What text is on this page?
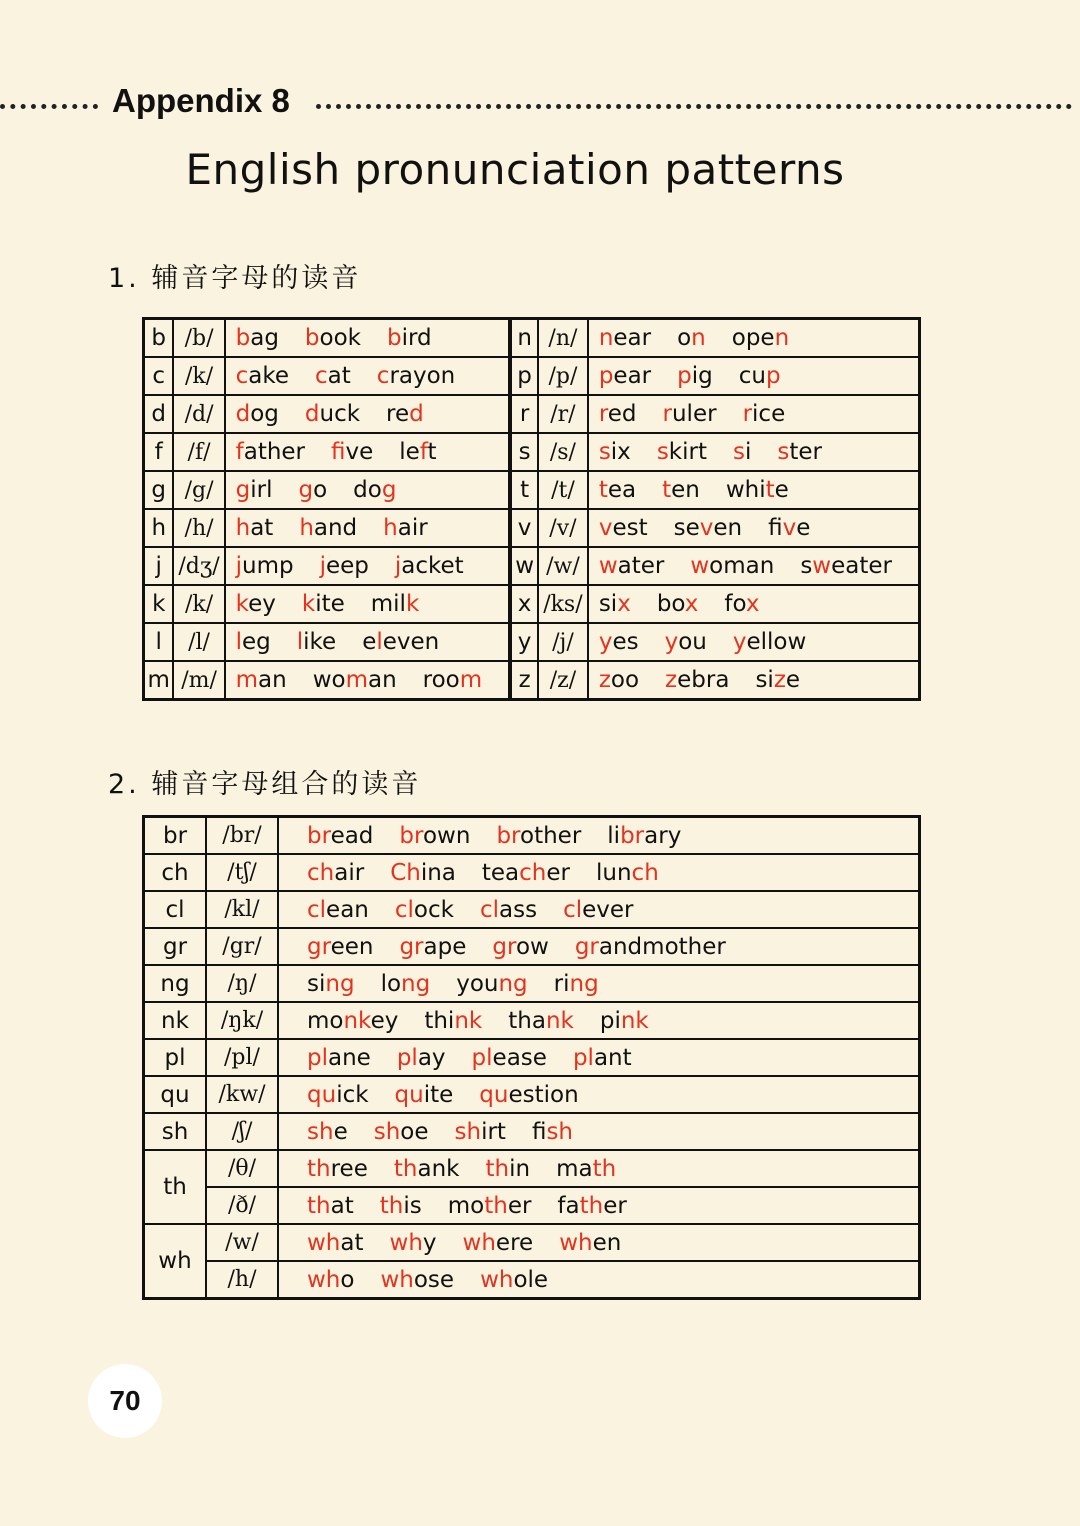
Appendix 8
English pronunciation patterns
1. 辅音字母的读音
b	/b/	bag book bird	n	/n/	near on open
c	/k/	cake cat crayon	p	/p/	pear pig cup
d	/d/	dog duck red	r	/r/	red ruler rice
f	/f/	father five left	s	/s/	six skirt si ster
g	/g/	girl go dog	t	/t/	tea ten white
h	/h/	hat hand hair	v	/v/	vest seven five
j	/dʒ/	jump jeep jacket	w	/w/	water woman sweater
k	/k/	key kite milk	x	/ks/	six box fox
l	/l/	leg like eleven	y	/j/	yes you yellow
m	/m/	man woman room	z	/z/	zoo zebra size
2. 辅音字母组合的读音
br	/br/	bread brown brother library
ch	/tʃ/	chair China teacher lunch
cl	/kl/	clean clock class clever
gr	/gr/	green grape grow grandmother
ng	/ŋ/	sing long young ring
nk	/ŋk/	monkey think thank pink
pl	/pl/	plane play please plant
qu	/kw/	quick quite question
sh	/ʃ/	she shoe shirt fish
th	/θ/	three thank thin math
	/ð/	that this mother father
wh	/w/	what why where when
	/h/	who whose whole
70
